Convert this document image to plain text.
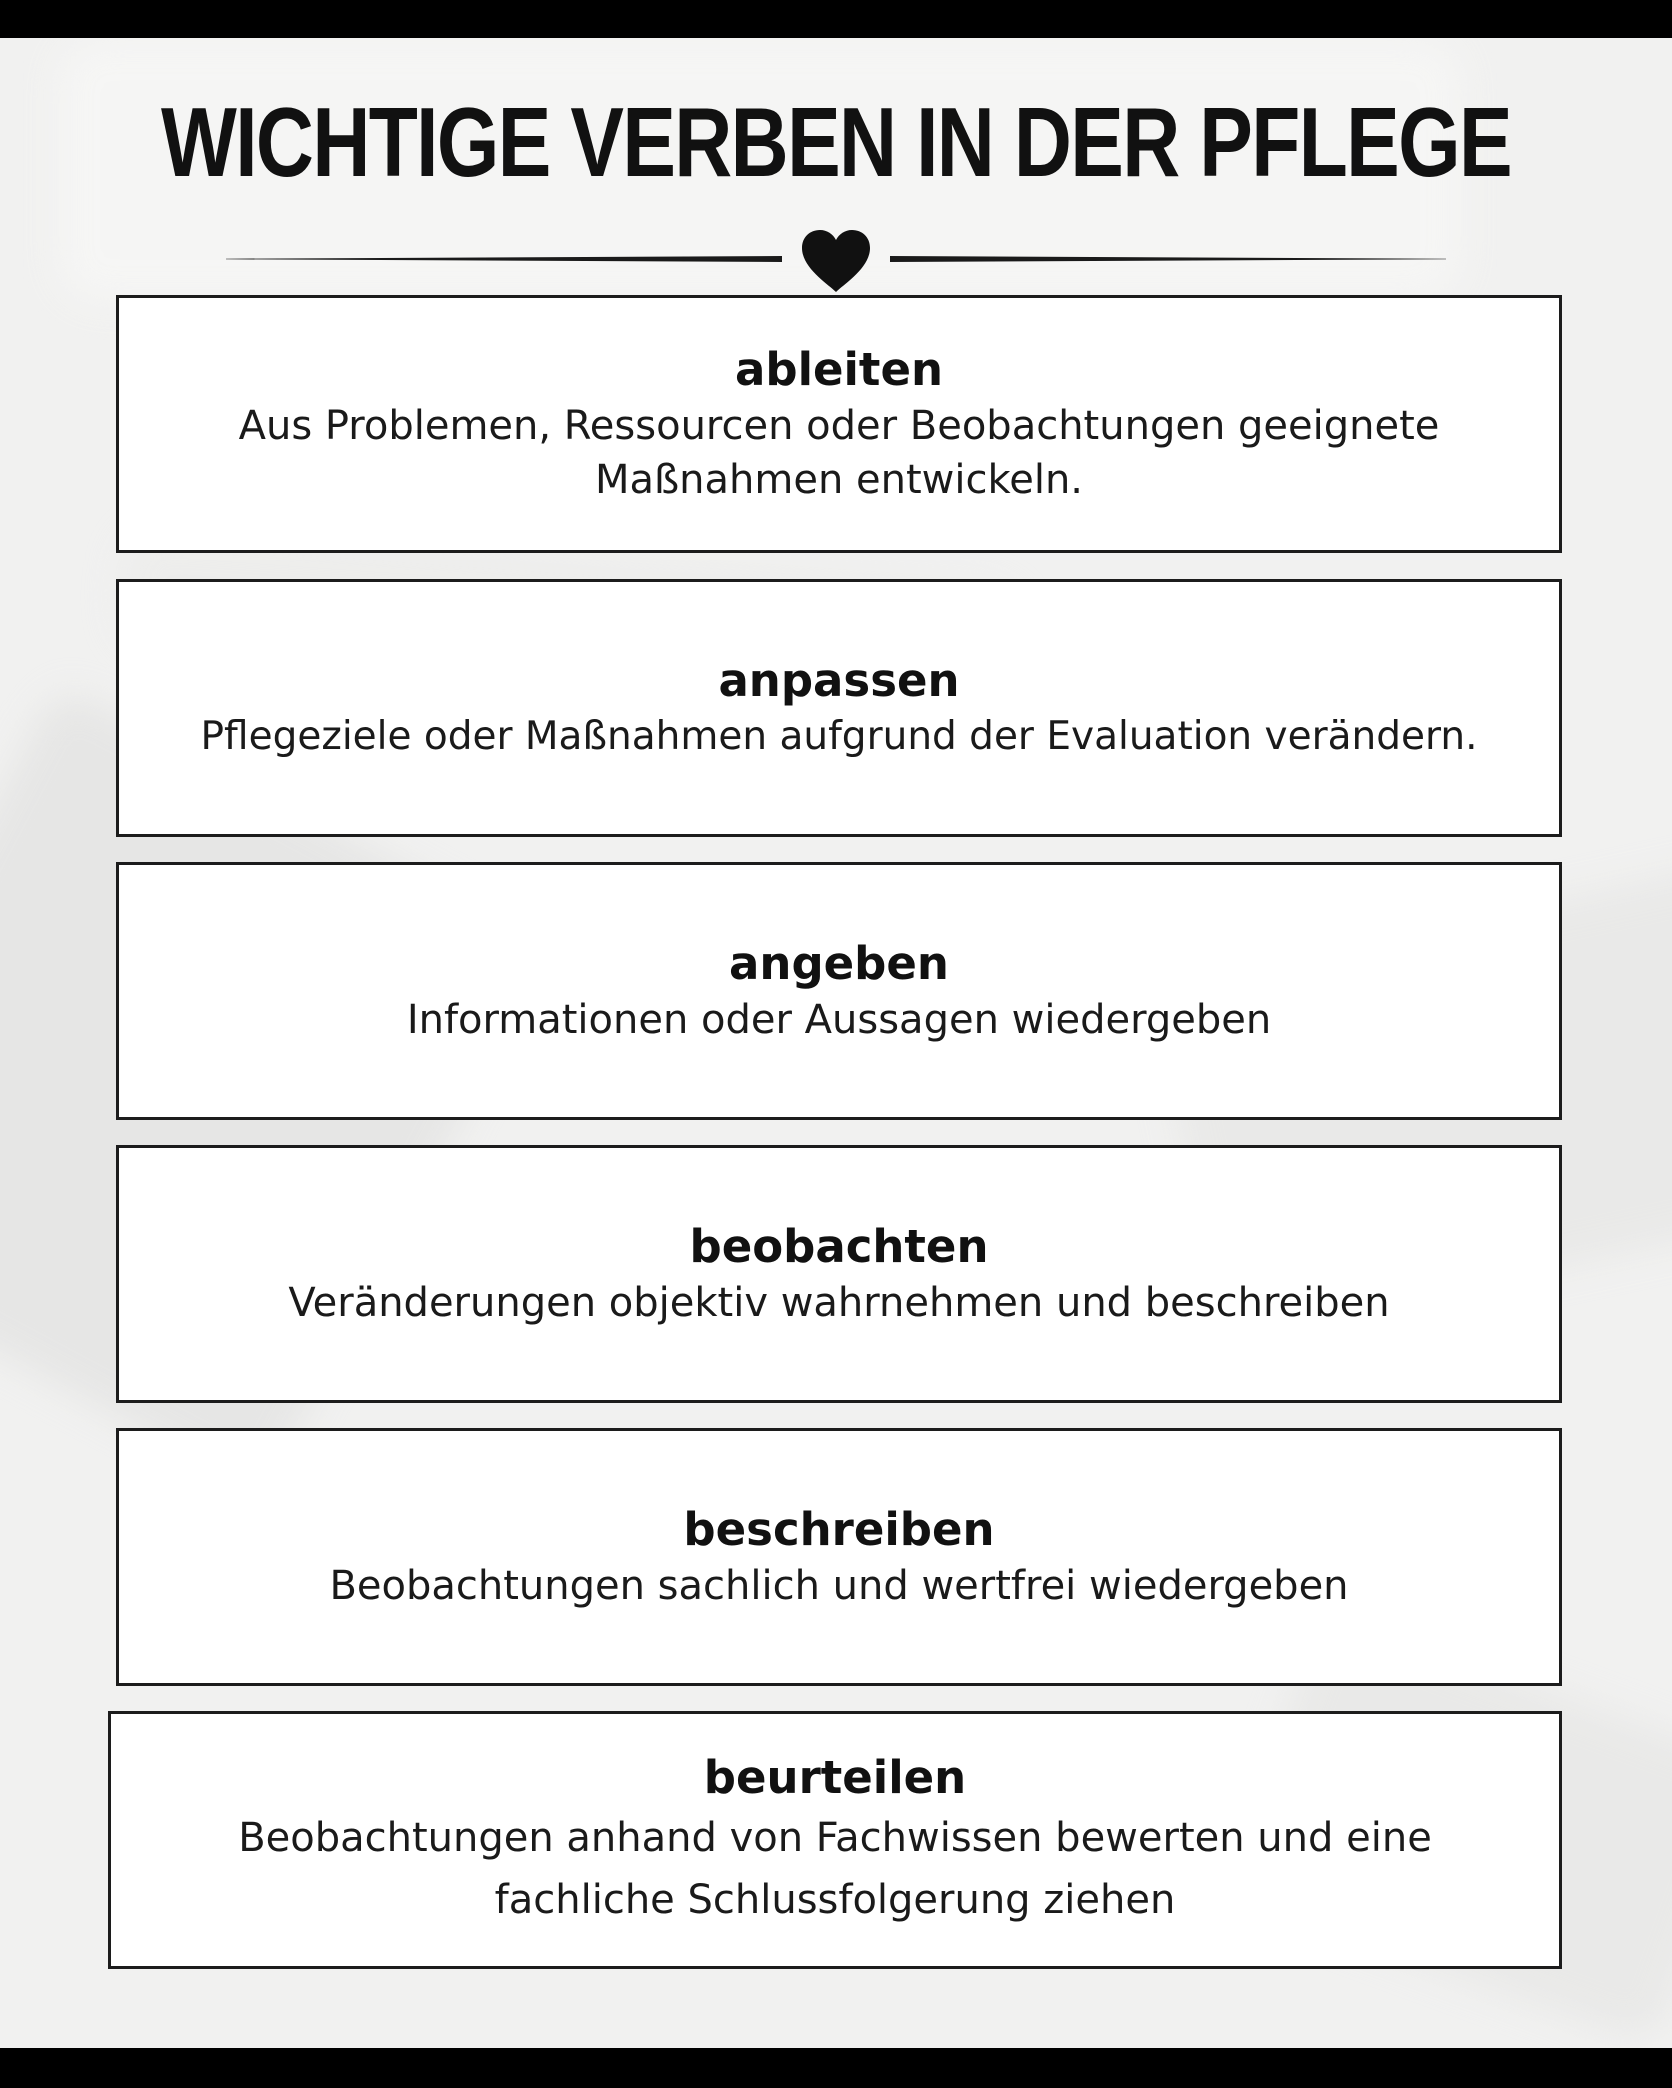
WICHTIGE VERBEN IN DER PFLEGE
ableiten
Aus Problemen, Ressourcen oder Beobachtungen geeignete Maßnahmen entwickeln.
anpassen
Pflegeziele oder Maßnahmen aufgrund der Evaluation verändern.
angeben
Informationen oder Aussagen wiedergeben
beobachten
Veränderungen objektiv wahrnehmen und beschreiben
beschreiben
Beobachtungen sachlich und wertfrei wiedergeben
beurteilen
Beobachtungen anhand von Fachwissen bewerten und eine fachliche Schlussfolgerung ziehen
